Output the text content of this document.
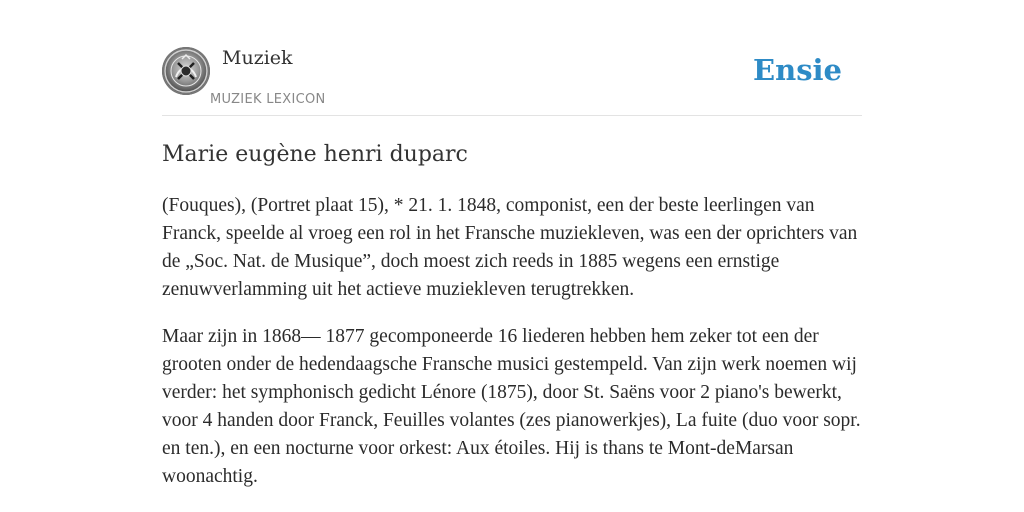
Muziek
MUZIEK LEXICON
Ensie
Marie eugène henri duparc

(Fouques), (Portret plaat 15), * 21. 1. 1848, componist, een der beste leerlingen van Franck, speelde al vroeg een rol in het Fransche muziekleven, was een der oprichters van de „Soc. Nat. de Musique”, doch moest zich reeds in 1885 wegens een ernstige zenuwverlamming uit het actieve muziekleven terugtrekken.

Maar zijn in 1868— 1877 gecomponeerde 16 liederen hebben hem zeker tot een der grooten onder de hedendaagsche Fransche musici gestempeld. Van zijn werk noemen wij verder: het symphonisch gedicht Lénore (1875), door St. Saëns voor 2 piano's bewerkt, voor 4 handen door Franck, Feuilles volantes (zes pianowerkjes), La fuite (duo voor sopr. en ten.), en een nocturne voor orkest: Aux étoiles. Hij is thans te Mont-deMarsan woonachtig.
